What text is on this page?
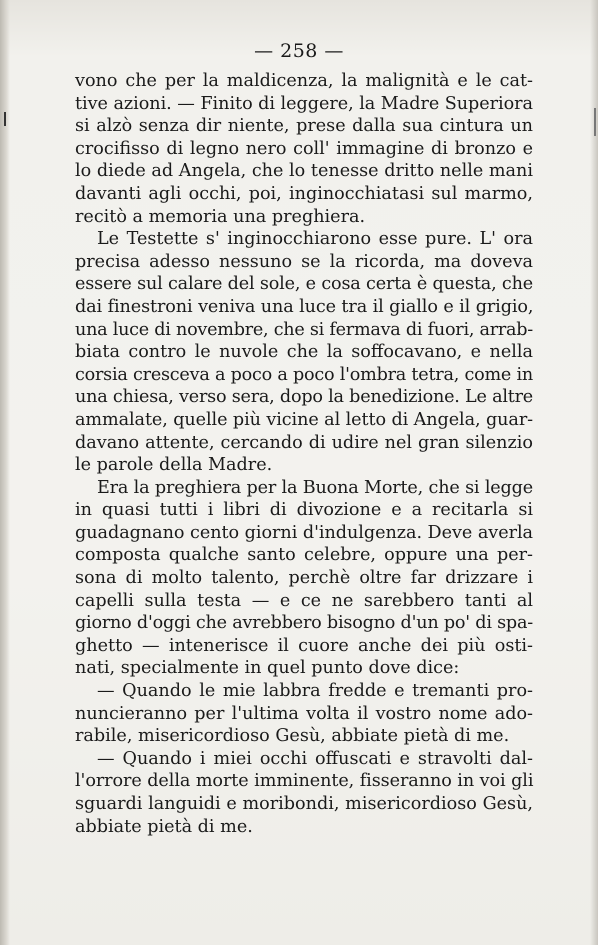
— 258 —
vono che per la maldicenza, la malignità e le cat-
tive azioni. — Finito di leggere, la Madre Superiora
si alzò senza dir niente, prese dalla sua cintura un
crocifisso di legno nero coll' immagine di bronzo e
lo diede ad Angela, che lo tenesse dritto nelle mani
davanti agli occhi, poi, inginocchiatasi sul marmo,
recitò a memoria una preghiera.
Le Testette s' inginocchiarono esse pure. L' ora
precisa adesso nessuno se la ricorda, ma doveva
essere sul calare del sole, e cosa certa è questa, che
dai finestroni veniva una luce tra il giallo e il grigio,
una luce di novembre, che si fermava di fuori, arrab-
biata contro le nuvole che la soffocavano, e nella
corsia cresceva a poco a poco l'ombra tetra, come in
una chiesa, verso sera, dopo la benedizione. Le altre
ammalate, quelle più vicine al letto di Angela, guar-
davano attente, cercando di udire nel gran silenzio
le parole della Madre.
Era la preghiera per la Buona Morte, che si legge
in quasi tutti i libri di divozione e a recitarla si
guadagnano cento giorni d'indulgenza. Deve averla
composta qualche santo celebre, oppure una per-
sona di molto talento, perchè oltre far drizzare i
capelli sulla testa — e ce ne sarebbero tanti al
giorno d'oggi che avrebbero bisogno d'un po' di spa-
ghetto — intenerisce il cuore anche dei più osti-
nati, specialmente in quel punto dove dice:
— Quando le mie labbra fredde e tremanti pro-
nuncieranno per l'ultima volta il vostro nome ado-
rabile, misericordioso Gesù, abbiate pietà di me.
— Quando i miei occhi offuscati e stravolti dal-
l'orrore della morte imminente, fisseranno in voi gli
sguardi languidi e moribondi, misericordioso Gesù,
abbiate pietà di me.
